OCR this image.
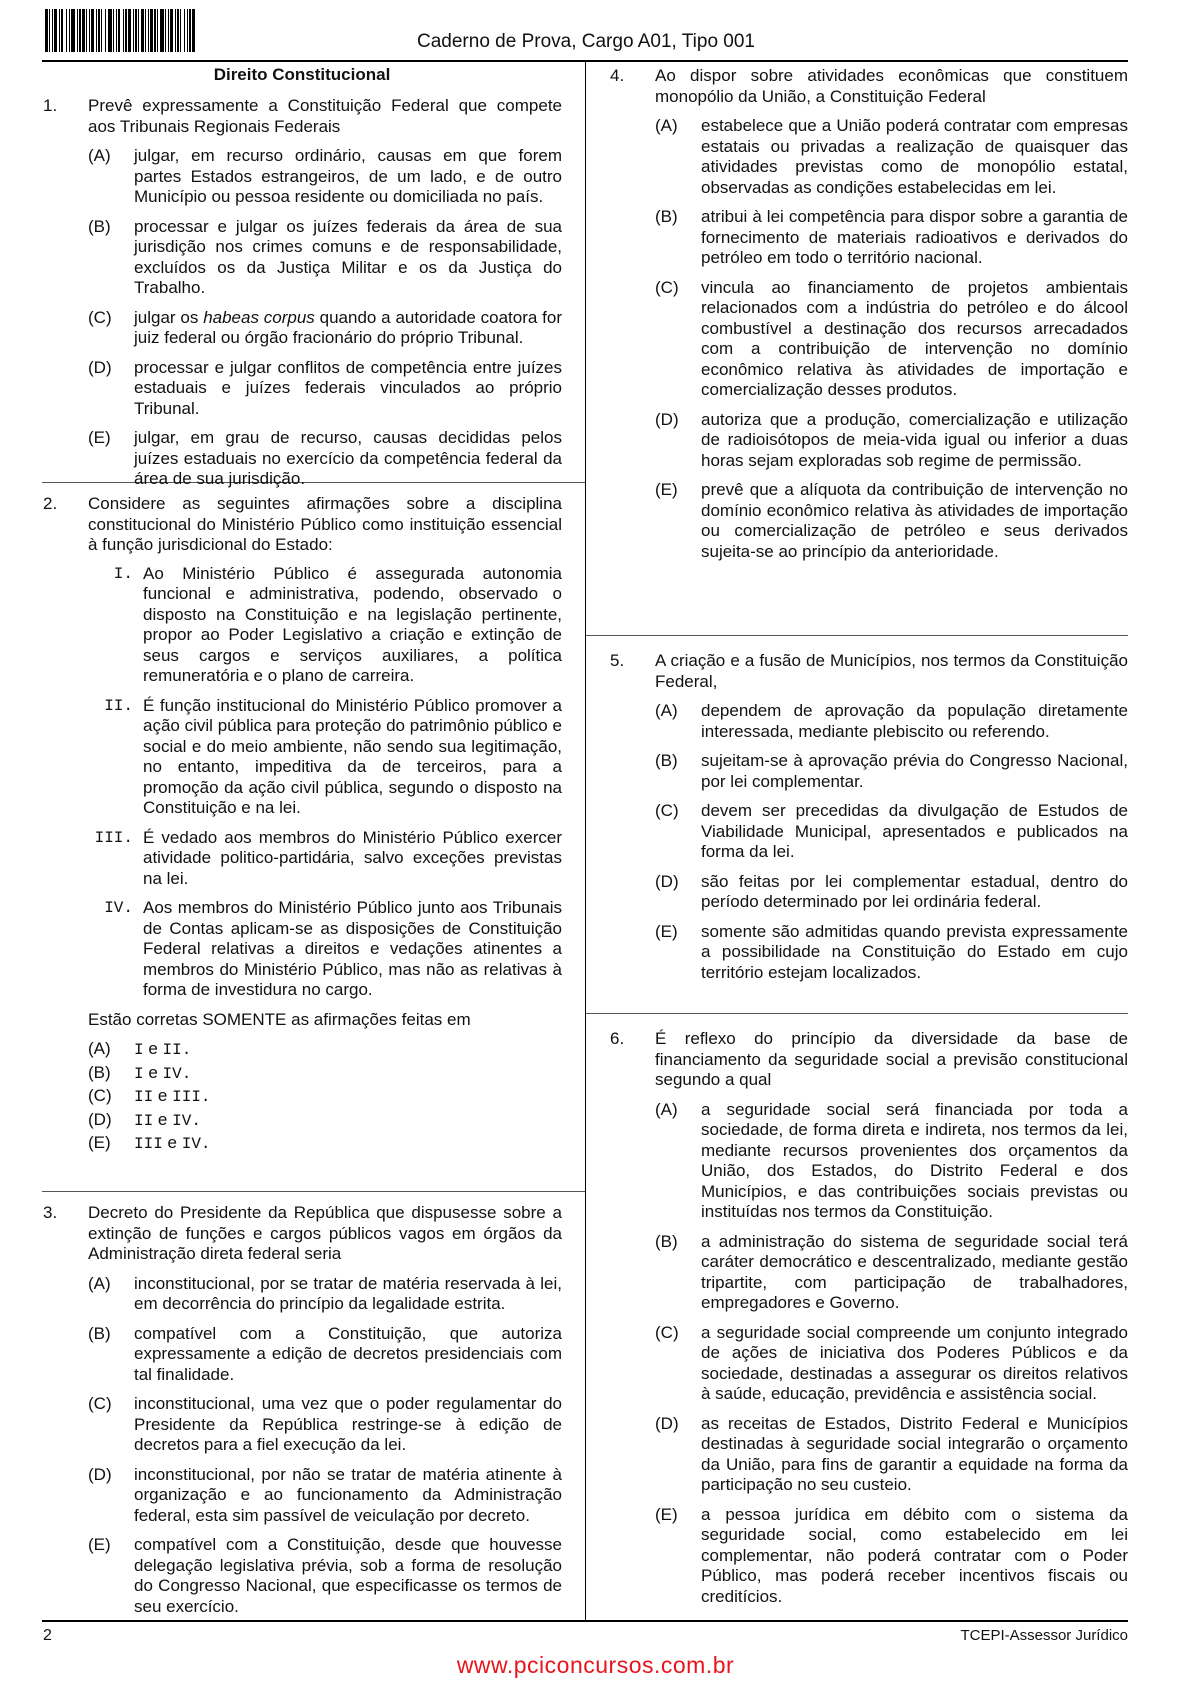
Caderno de Prova, Cargo A01, Tipo 001
Direito Constitucional
1.	Prevê expressamente a Constituição Federal que compete aos Tribunais Regionais Federais
(A)	julgar, em recurso ordinário, causas em que forem partes Estados estrangeiros, de um lado, e de outro Município ou pessoa residente ou domiciliada no país.
(B)	processar e julgar os juízes federais da área de sua jurisdição nos crimes comuns e de responsabilidade, excluídos os da Justiça Militar e os da Justiça do Trabalho.
(C)	julgar os habeas corpus quando a autoridade coatora for juiz federal ou órgão fracionário do próprio Tribunal.
(D)	processar e julgar conflitos de competência entre juízes estaduais e juízes federais vinculados ao próprio Tribunal.
(E)	julgar, em grau de recurso, causas decididas pelos juízes estaduais no exercício da competência federal da área de sua jurisdição.
2.	Considere as seguintes afirmações sobre a disciplina constitucional do Ministério Público como instituição essencial à função jurisdicional do Estado:
I. Ao Ministério Público é assegurada autonomia funcional e administrativa, podendo, observado o disposto na Constituição e na legislação pertinente, propor ao Poder Legislativo a criação e extinção de seus cargos e serviços auxiliares, a política remuneratória e o plano de carreira.
II. É função institucional do Ministério Público promover a ação civil pública para proteção do patrimônio público e social e do meio ambiente, não sendo sua legitimação, no entanto, impeditiva da de terceiros, para a promoção da ação civil pública, segundo o disposto na Constituição e na lei.
III. É vedado aos membros do Ministério Público exercer atividade politico-partidária, salvo exceções previstas na lei.
IV. Aos membros do Ministério Público junto aos Tribunais de Contas aplicam-se as disposições de Constituição Federal relativas a direitos e vedações atinentes a membros do Ministério Público, mas não as relativas à forma de investidura no cargo.
Estão corretas SOMENTE as afirmações feitas em
(A)	I e II.
(B)	I e IV.
(C)	II e III.
(D)	II e IV.
(E)	III e IV.
3.	Decreto do Presidente da República que dispusesse sobre a extinção de funções e cargos públicos vagos em órgãos da Administração direta federal seria
(A)	inconstitucional, por se tratar de matéria reservada à lei, em decorrência do princípio da legalidade estrita.
(B)	compatível com a Constituição, que autoriza expressamente a edição de decretos presidenciais com tal finalidade.
(C)	inconstitucional, uma vez que o poder regulamentar do Presidente da República restringe-se à edição de decretos para a fiel execução da lei.
(D)	inconstitucional, por não se tratar de matéria atinente à organização e ao funcionamento da Administração federal, esta sim passível de veiculação por decreto.
(E)	compatível com a Constituição, desde que houvesse delegação legislativa prévia, sob a forma de resolução do Congresso Nacional, que especificasse os termos de seu exercício.
4.	Ao dispor sobre atividades econômicas que constituem monopólio da União, a Constituição Federal
(A)	estabelece que a União poderá contratar com empresas estatais ou privadas a realização de quaisquer das atividades previstas como de monopólio estatal, observadas as condições estabelecidas em lei.
(B)	atribui à lei competência para dispor sobre a garantia de fornecimento de materiais radioativos e derivados do petróleo em todo o território nacional.
(C)	vincula ao financiamento de projetos ambientais relacionados com a indústria do petróleo e do álcool combustível a destinação dos recursos arrecadados com a contribuição de intervenção no domínio econômico relativa às atividades de importação e comercialização desses produtos.
(D)	autoriza que a produção, comercialização e utilização de radioisótopos de meia-vida igual ou inferior a duas horas sejam exploradas sob regime de permissão.
(E)	prevê que a alíquota da contribuição de intervenção no domínio econômico relativa às atividades de importação ou comercialização de petróleo e seus derivados sujeita-se ao princípio da anterioridade.
5.	A criação e a fusão de Municípios, nos termos da Constituição Federal,
(A)	dependem de aprovação da população diretamente interessada, mediante plebiscito ou referendo.
(B)	sujeitam-se à aprovação prévia do Congresso Nacional, por lei complementar.
(C)	devem ser precedidas da divulgação de Estudos de Viabilidade Municipal, apresentados e publicados na forma da lei.
(D)	são feitas por lei complementar estadual, dentro do período determinado por lei ordinária federal.
(E)	somente são admitidas quando prevista expressamente a possibilidade na Constituição do Estado em cujo território estejam localizados.
6.	É reflexo do princípio da diversidade da base de financiamento da seguridade social a previsão constitucional segundo a qual
(A)	a seguridade social será financiada por toda a sociedade, de forma direta e indireta, nos termos da lei, mediante recursos provenientes dos orçamentos da União, dos Estados, do Distrito Federal e dos Municípios, e das contribuições sociais previstas ou instituídas nos termos da Constituição.
(B)	a administração do sistema de seguridade social terá caráter democrático e descentralizado, mediante gestão tripartite, com participação de trabalhadores, empregadores e Governo.
(C)	a seguridade social compreende um conjunto integrado de ações de iniciativa dos Poderes Públicos e da sociedade, destinadas a assegurar os direitos relativos à saúde, educação, previdência e assistência social.
(D)	as receitas de Estados, Distrito Federal e Municípios destinadas à seguridade social integrarão o orçamento da União, para fins de garantir a equidade na forma da participação no seu custeio.
(E)	a pessoa jurídica em débito com o sistema da seguridade social, como estabelecido em lei complementar, não poderá contratar com o Poder Público, mas poderá receber incentivos fiscais ou creditícios.
2	TCEPI-Assessor Jurídico
www.pciconcursos.com.br
